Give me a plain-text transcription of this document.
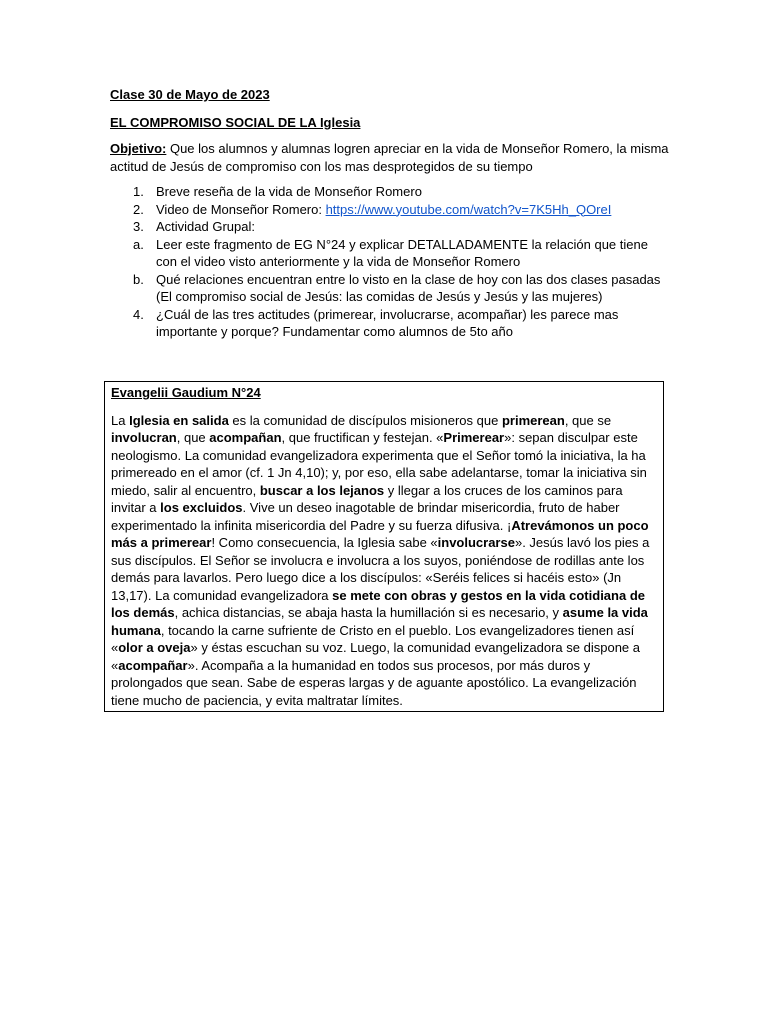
Clase 30 de Mayo de 2023

EL COMPROMISO SOCIAL DE LA Iglesia

Objetivo: Que los alumnos y alumnas logren apreciar en la vida de Monseñor Romero, la misma actitud de Jesús de compromiso con los mas desprotegidos de su tiempo

1. Breve reseña de la vida de Monseñor Romero
2. Video de Monseñor Romero: https://www.youtube.com/watch?v=7K5Hh_QOreI
3. Actividad Grupal:
a. Leer este fragmento de EG N°24 y explicar DETALLADAMENTE la relación que tiene con el video visto anteriormente y la vida de Monseñor Romero
b. Qué relaciones encuentran entre lo visto en la clase de hoy con las dos clases pasadas (El compromiso social de Jesús: las comidas de Jesús y Jesús y las mujeres)
4. ¿Cuál de las tres actitudes (primerear, involucrarse, acompañar) les parece mas importante y porque? Fundamentar como alumnos de 5to año
Evangelii Gaudium N°24

La Iglesia en salida es la comunidad de discípulos misioneros que primerean, que se involucran, que acompañan, que fructifican y festejan. «Primerear»: sepan disculpar este neologismo. La comunidad evangelizadora experimenta que el Señor tomó la iniciativa, la ha primereado en el amor (cf. 1 Jn 4,10); y, por eso, ella sabe adelantarse, tomar la iniciativa sin miedo, salir al encuentro, buscar a los lejanos y llegar a los cruces de los caminos para invitar a los excluidos. Vive un deseo inagotable de brindar misericordia, fruto de haber experimentado la infinita misericordia del Padre y su fuerza difusiva. ¡Atrevámonos un poco más a primerear! Como consecuencia, la Iglesia sabe «involucrarse». Jesús lavó los pies a sus discípulos. El Señor se involucra e involucra a los suyos, poniéndose de rodillas ante los demás para lavarlos. Pero luego dice a los discípulos: «Seréis felices si hacéis esto» (Jn 13,17). La comunidad evangelizadora se mete con obras y gestos en la vida cotidiana de los demás, achica distancias, se abaja hasta la humillación si es necesario, y asume la vida humana, tocando la carne sufriente de Cristo en el pueblo. Los evangelizadores tienen así «olor a oveja» y éstas escuchan su voz. Luego, la comunidad evangelizadora se dispone a «acompañar». Acompaña a la humanidad en todos sus procesos, por más duros y prolongados que sean. Sabe de esperas largas y de aguante apostólico. La evangelización tiene mucho de paciencia, y evita maltratar límites.
